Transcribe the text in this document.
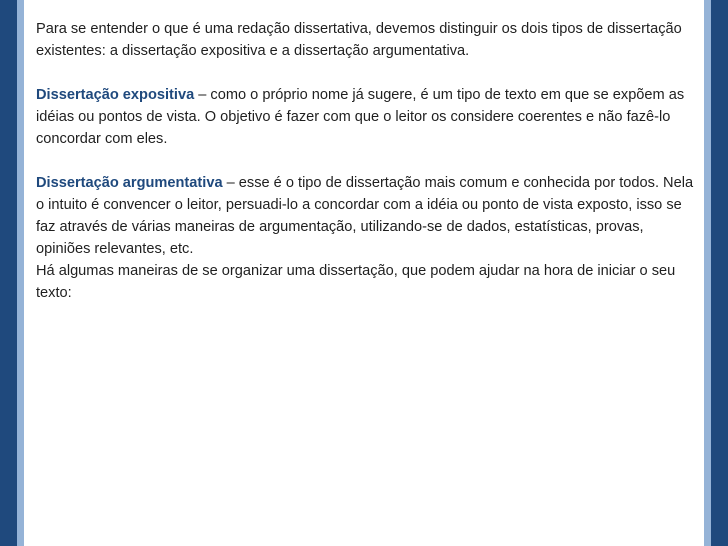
Para se entender o que é uma redação dissertativa, devemos distinguir os dois tipos de dissertação existentes: a dissertação expositiva e a dissertação argumentativa.

Dissertação expositiva – como o próprio nome já sugere, é um tipo de texto em que se expõem as idéias ou pontos de vista. O objetivo é fazer com que o leitor os considere coerentes e não fazê-lo concordar com eles.

Dissertação argumentativa – esse é o tipo de dissertação mais comum e conhecida por todos. Nela o intuito é convencer o leitor, persuadi-lo a concordar com a idéia ou ponto de vista exposto, isso se faz através de várias maneiras de argumentação, utilizando-se de dados, estatísticas, provas, opiniões relevantes, etc.

Há algumas maneiras de se organizar uma dissertação, que podem ajudar na hora de iniciar o seu texto:
